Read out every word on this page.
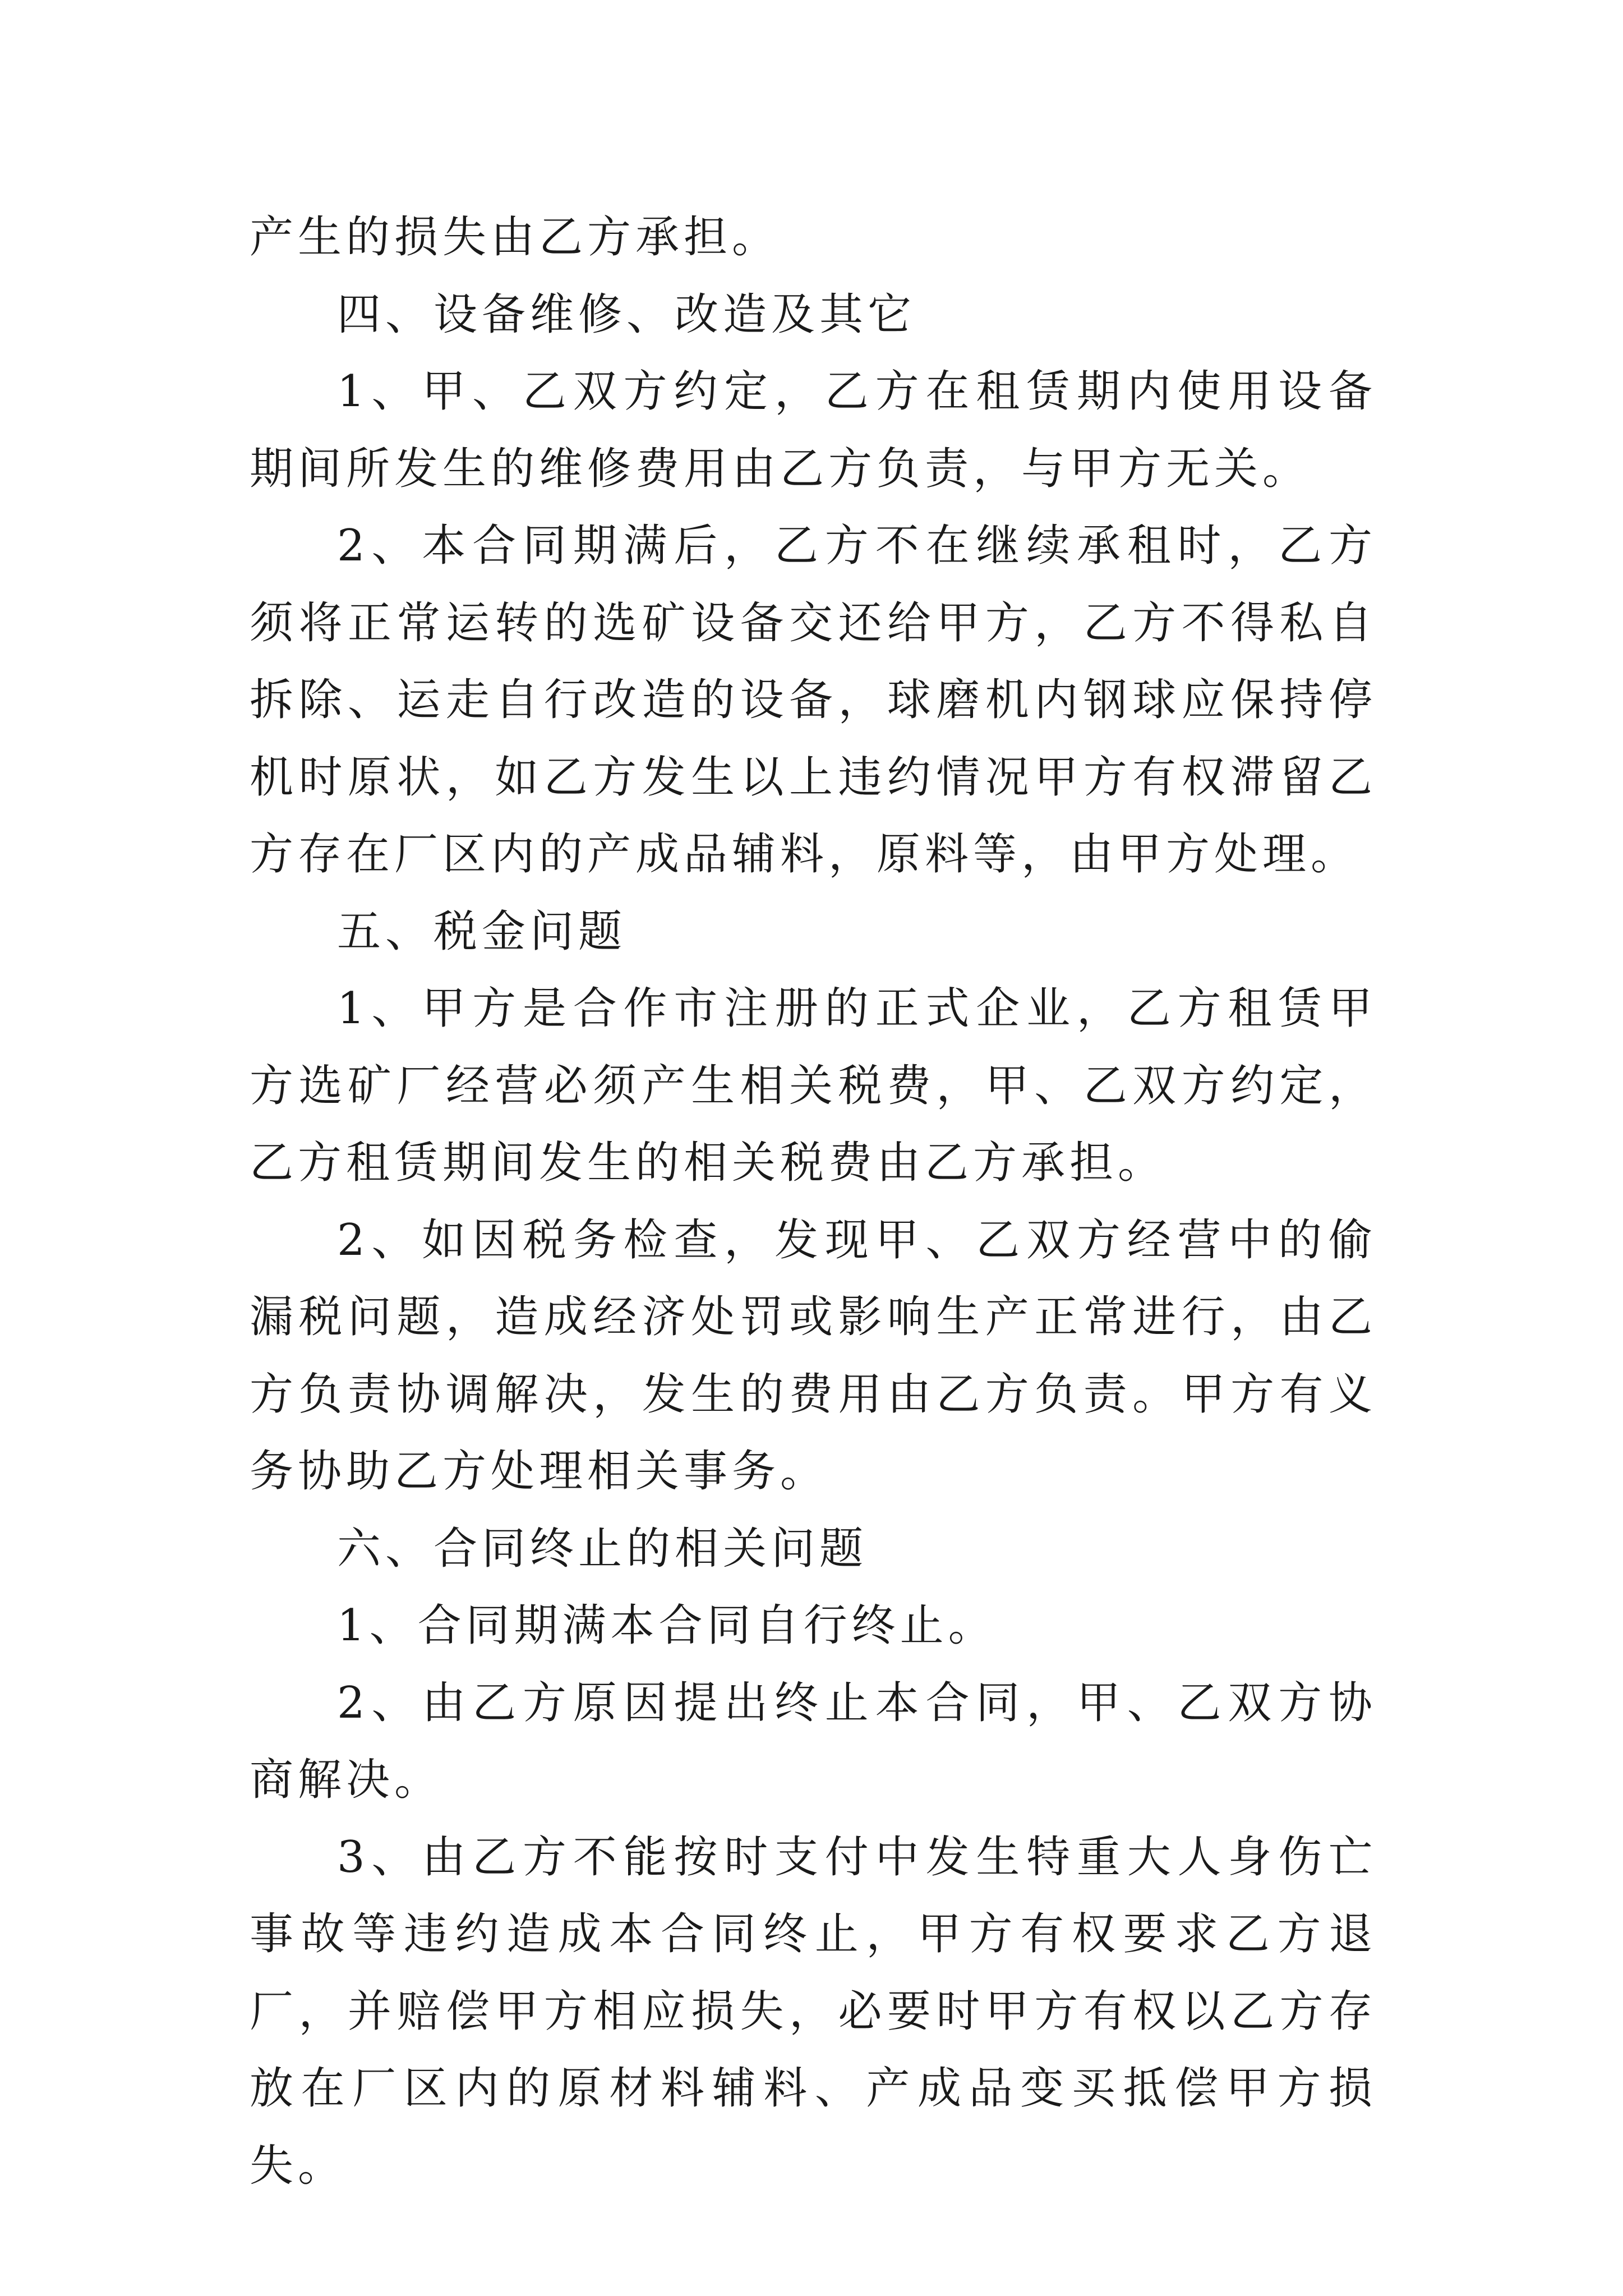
产生的损失由乙方承担。

四、设备维修、改造及其它

1、甲、乙双方约定，乙方在租赁期内使用设备期间所发生的维修费用由乙方负责，与甲方无关。

2、本合同期满后，乙方不在继续承租时，乙方须将正常运转的选矿设备交还给甲方，乙方不得私自拆除、运走自行改造的设备，球磨机内钢球应保持停机时原状，如乙方发生以上违约情况甲方有权滞留乙方存在厂区内的产成品辅料，原料等，由甲方处理。

五、税金问题

1、甲方是合作市注册的正式企业，乙方租赁甲方选矿厂经营必须产生相关税费，甲、乙双方约定，乙方租赁期间发生的相关税费由乙方承担。

2、如因税务检查，发现甲、乙双方经营中的偷漏税问题，造成经济处罚或影响生产正常进行，由乙方负责协调解决，发生的费用由乙方负责。甲方有义务协助乙方处理相关事务。

六、合同终止的相关问题

1、合同期满本合同自行终止。

2、由乙方原因提出终止本合同，甲、乙双方协商解决。

3、由乙方不能按时支付中发生特重大人身伤亡事故等违约造成本合同终止，甲方有权要求乙方退厂，并赔偿甲方相应损失，必要时甲方有权以乙方存放在厂区内的原材料辅料、产成品变买抵偿甲方损失。
